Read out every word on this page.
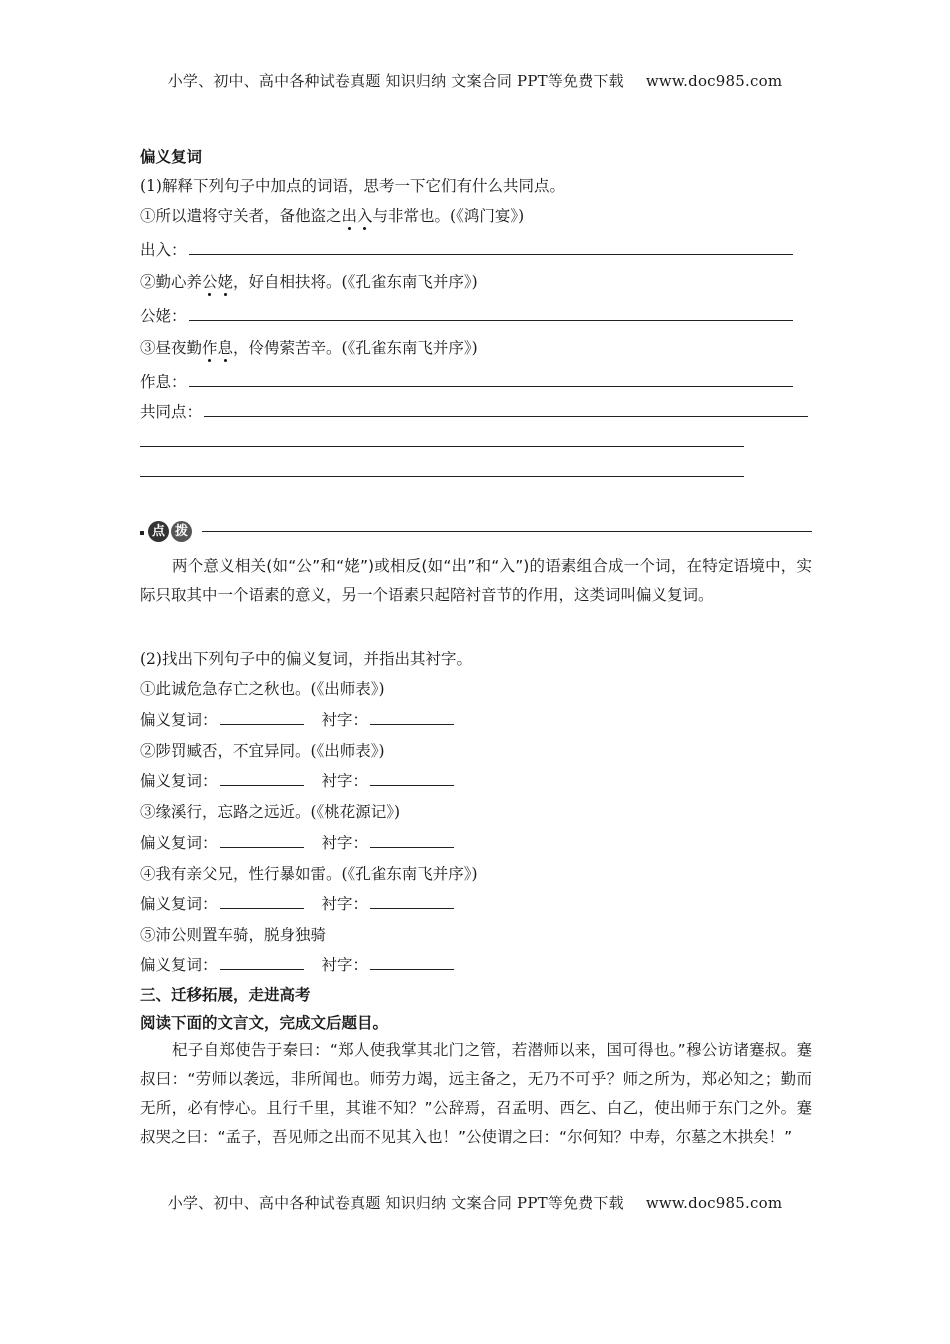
小学、初中、高中各种试卷真题 知识归纳 文案合同 PPT等免费下载 www.doc985.com
偏义复词
(1)解释下列句子中加点的词语，思考一下它们有什么共同点。
①所以遣将守关者，备他盗之出入与非常也。(《鸿门宴》)
出入：
②勤心养公姥，好自相扶将。(《孔雀东南飞并序》)
公姥：
③昼夜勤作息，伶俜萦苦辛。(《孔雀东南飞并序》)
作息：
共同点：
点 拨

两个意义相关(如“公”和“姥”)或相反(如“出”和“入”)的语素组合成一个词，在特定语境中，实际只取其中一个语素的意义，另一个语素只起陪衬音节的作用，这类词叫偏义复词。

(2)找出下列句子中的偏义复词，并指出其衬字。
①此诚危急存亡之秋也。(《出师表》)
偏义复词：	衬字：
②陟罚臧否，不宜异同。(《出师表》)
偏义复词：	衬字：
③缘溪行，忘路之远近。(《桃花源记》)
偏义复词：	衬字：
④我有亲父兄，性行暴如雷。(《孔雀东南飞并序》)
偏义复词：	衬字：
⑤沛公则置车骑，脱身独骑
偏义复词：	衬字：
三、迁移拓展，走进高考
阅读下面的文言文，完成文后题目。

杞子自郑使告于秦曰：“郑人使我掌其北门之管，若潜师以来，国可得也。”穆公访诸蹇叔。蹇叔曰：“劳师以袭远，非所闻也。师劳力竭，远主备之，无乃不可乎？师之所为，郑必知之；勤而无所，必有悖心。且行千里，其谁不知？”公辞焉，召孟明、西乞、白乙，使出师于东门之外。蹇叔哭之曰：“孟子，吾见师之出而不见其入也！”公使谓之曰：“尔何知？中寿，尔墓之木拱矣！”

小学、初中、高中各种试卷真题 知识归纳 文案合同 PPT等免费下载 www.doc985.com
